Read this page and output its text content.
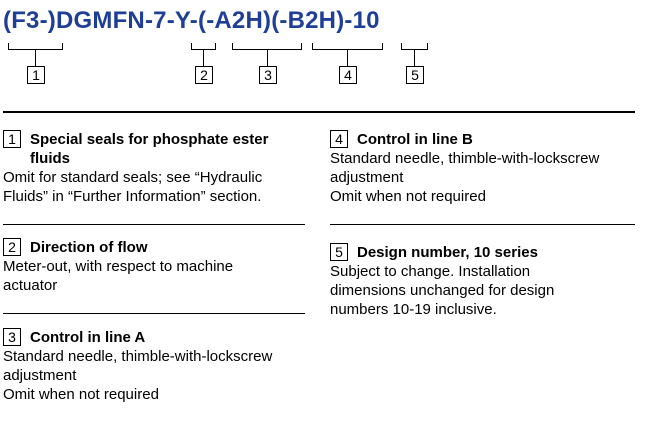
(F3-)DGMFN-7-Y-(-A2H)(-B2H)-10
1	2	3	4	5
1 Special seals for phosphate ester
fluids
Omit for standard seals; see “Hydraulic
Fluids” in “Further Information” section.
2 Direction of flow
Meter-out, with respect to machine
actuator
3 Control in line A
Standard needle, thimble-with-lockscrew
adjustment
Omit when not required
4 Control in line B
Standard needle, thimble-with-lockscrew
adjustment
Omit when not required
5 Design number, 10 series
Subject to change. Installation
dimensions unchanged for design
numbers 10-19 inclusive.
